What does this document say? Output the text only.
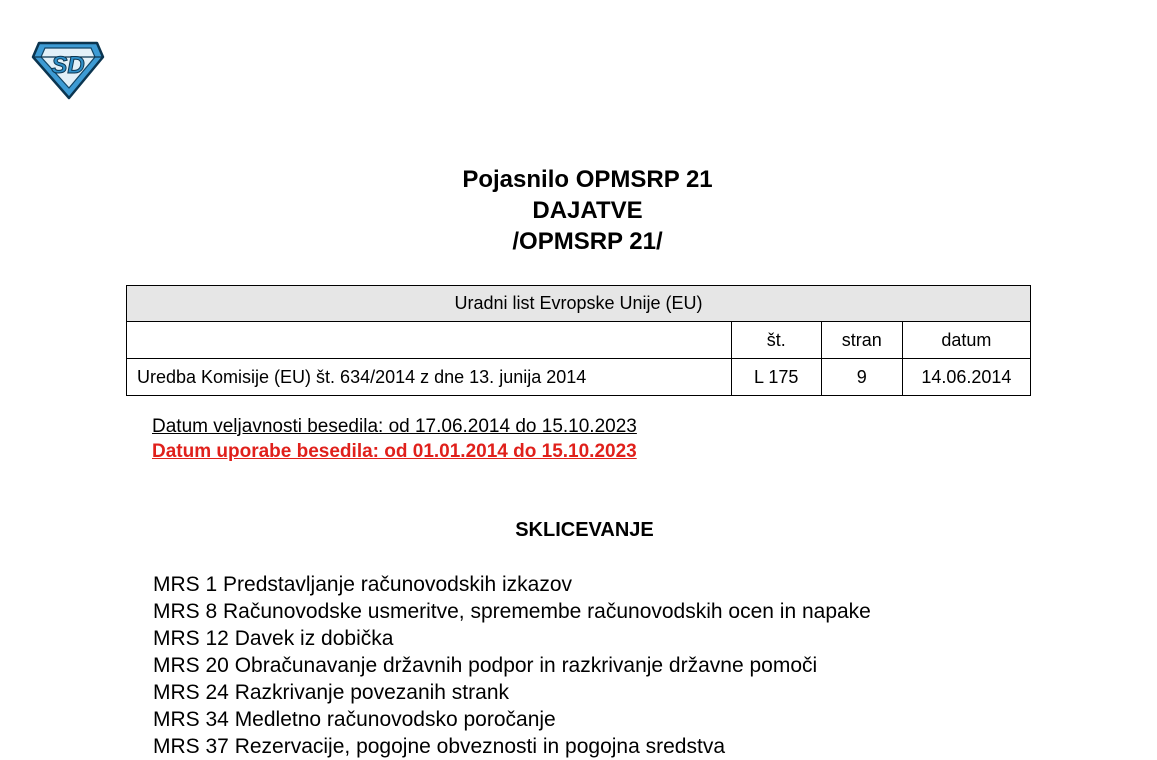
SD
Pojasnilo OPMSRP 21
DAJATVE
/OPMSRP 21/
Uradni list Evropske Unije (EU)			
	št.	stran	datum
Uredba Komisije (EU) št. 634/2014 z dne 13. junija 2014	L 175	9	14.06.2014
Datum veljavnosti besedila: od 17.06.2014 do 15.10.2023
Datum uporabe besedila: od 01.01.2014 do 15.10.2023
SKLICEVANJE
MRS 1 Predstavljanje računovodskih izkazov
MRS 8 Računovodske usmeritve, spremembe računovodskih ocen in napake
MRS 12 Davek iz dobička
MRS 20 Obračunavanje državnih podpor in razkrivanje državne pomoči
MRS 24 Razkrivanje povezanih strank
MRS 34 Medletno računovodsko poročanje
MRS 37 Rezervacije, pogojne obveznosti in pogojna sredstva
